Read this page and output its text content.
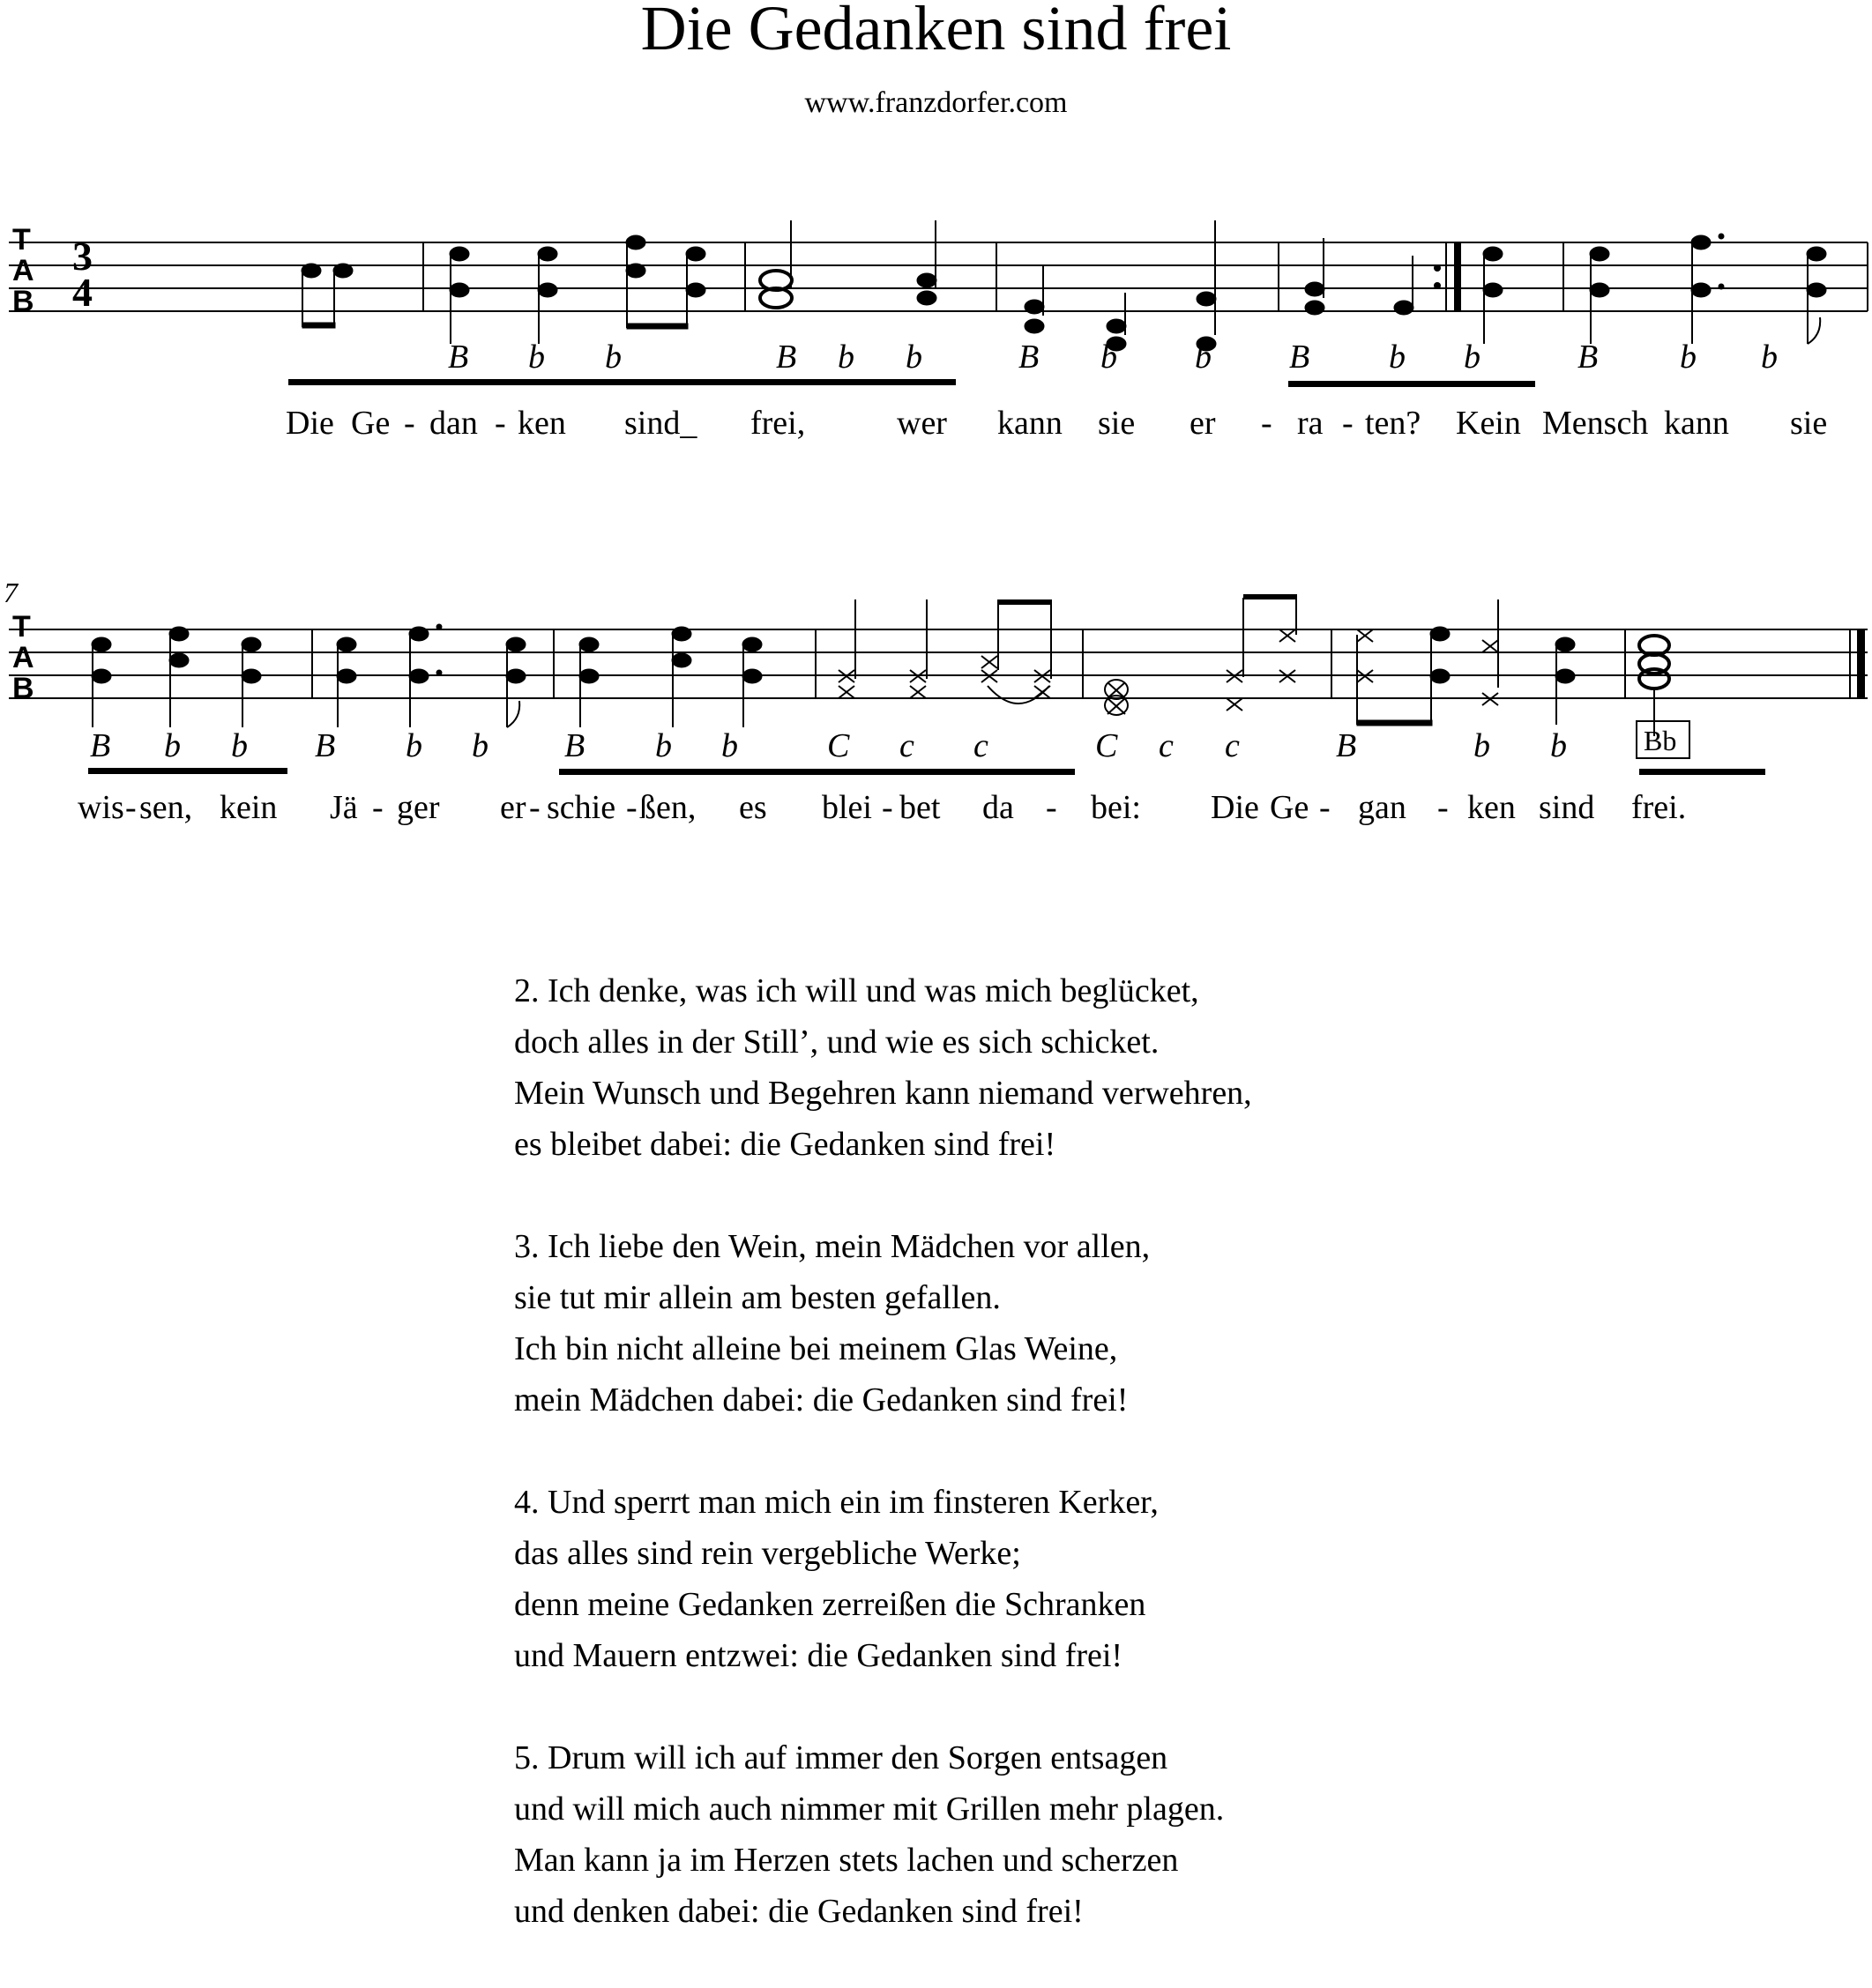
Die Gedanken sind frei
www.franzdorfer.com
T
A
B
3
4
B b b	B b b	B b b B b b	B b b
Die Ge - dan - ken sind_ frei,	wer kann sie er - ra - ten? Kein Mensch kann sie
7
T
A
B
B b b B b b B b b	C c c	C c c	B	b b	Bb
wis - sen, kein Jä - ger er - schie - ßen, es blei - bet da - bei: Die Ge - gan - ken sind frei.
2. Ich denke, was ich will und was mich beglücket,
doch alles in der Still’, und wie es sich schicket.
Mein Wunsch und Begehren kann niemand verwehren,
es bleibet dabei: die Gedanken sind frei!
3. Ich liebe den Wein, mein Mädchen vor allen,
sie tut mir allein am besten gefallen.
Ich bin nicht alleine bei meinem Glas Weine,
mein Mädchen dabei: die Gedanken sind frei!
4. Und sperrt man mich ein im finsteren Kerker,
das alles sind rein vergebliche Werke;
denn meine Gedanken zerreißen die Schranken
und Mauern entzwei: die Gedanken sind frei!
5. Drum will ich auf immer den Sorgen entsagen
und will mich auch nimmer mit Grillen mehr plagen.
Man kann ja im Herzen stets lachen und scherzen
und denken dabei: die Gedanken sind frei!
